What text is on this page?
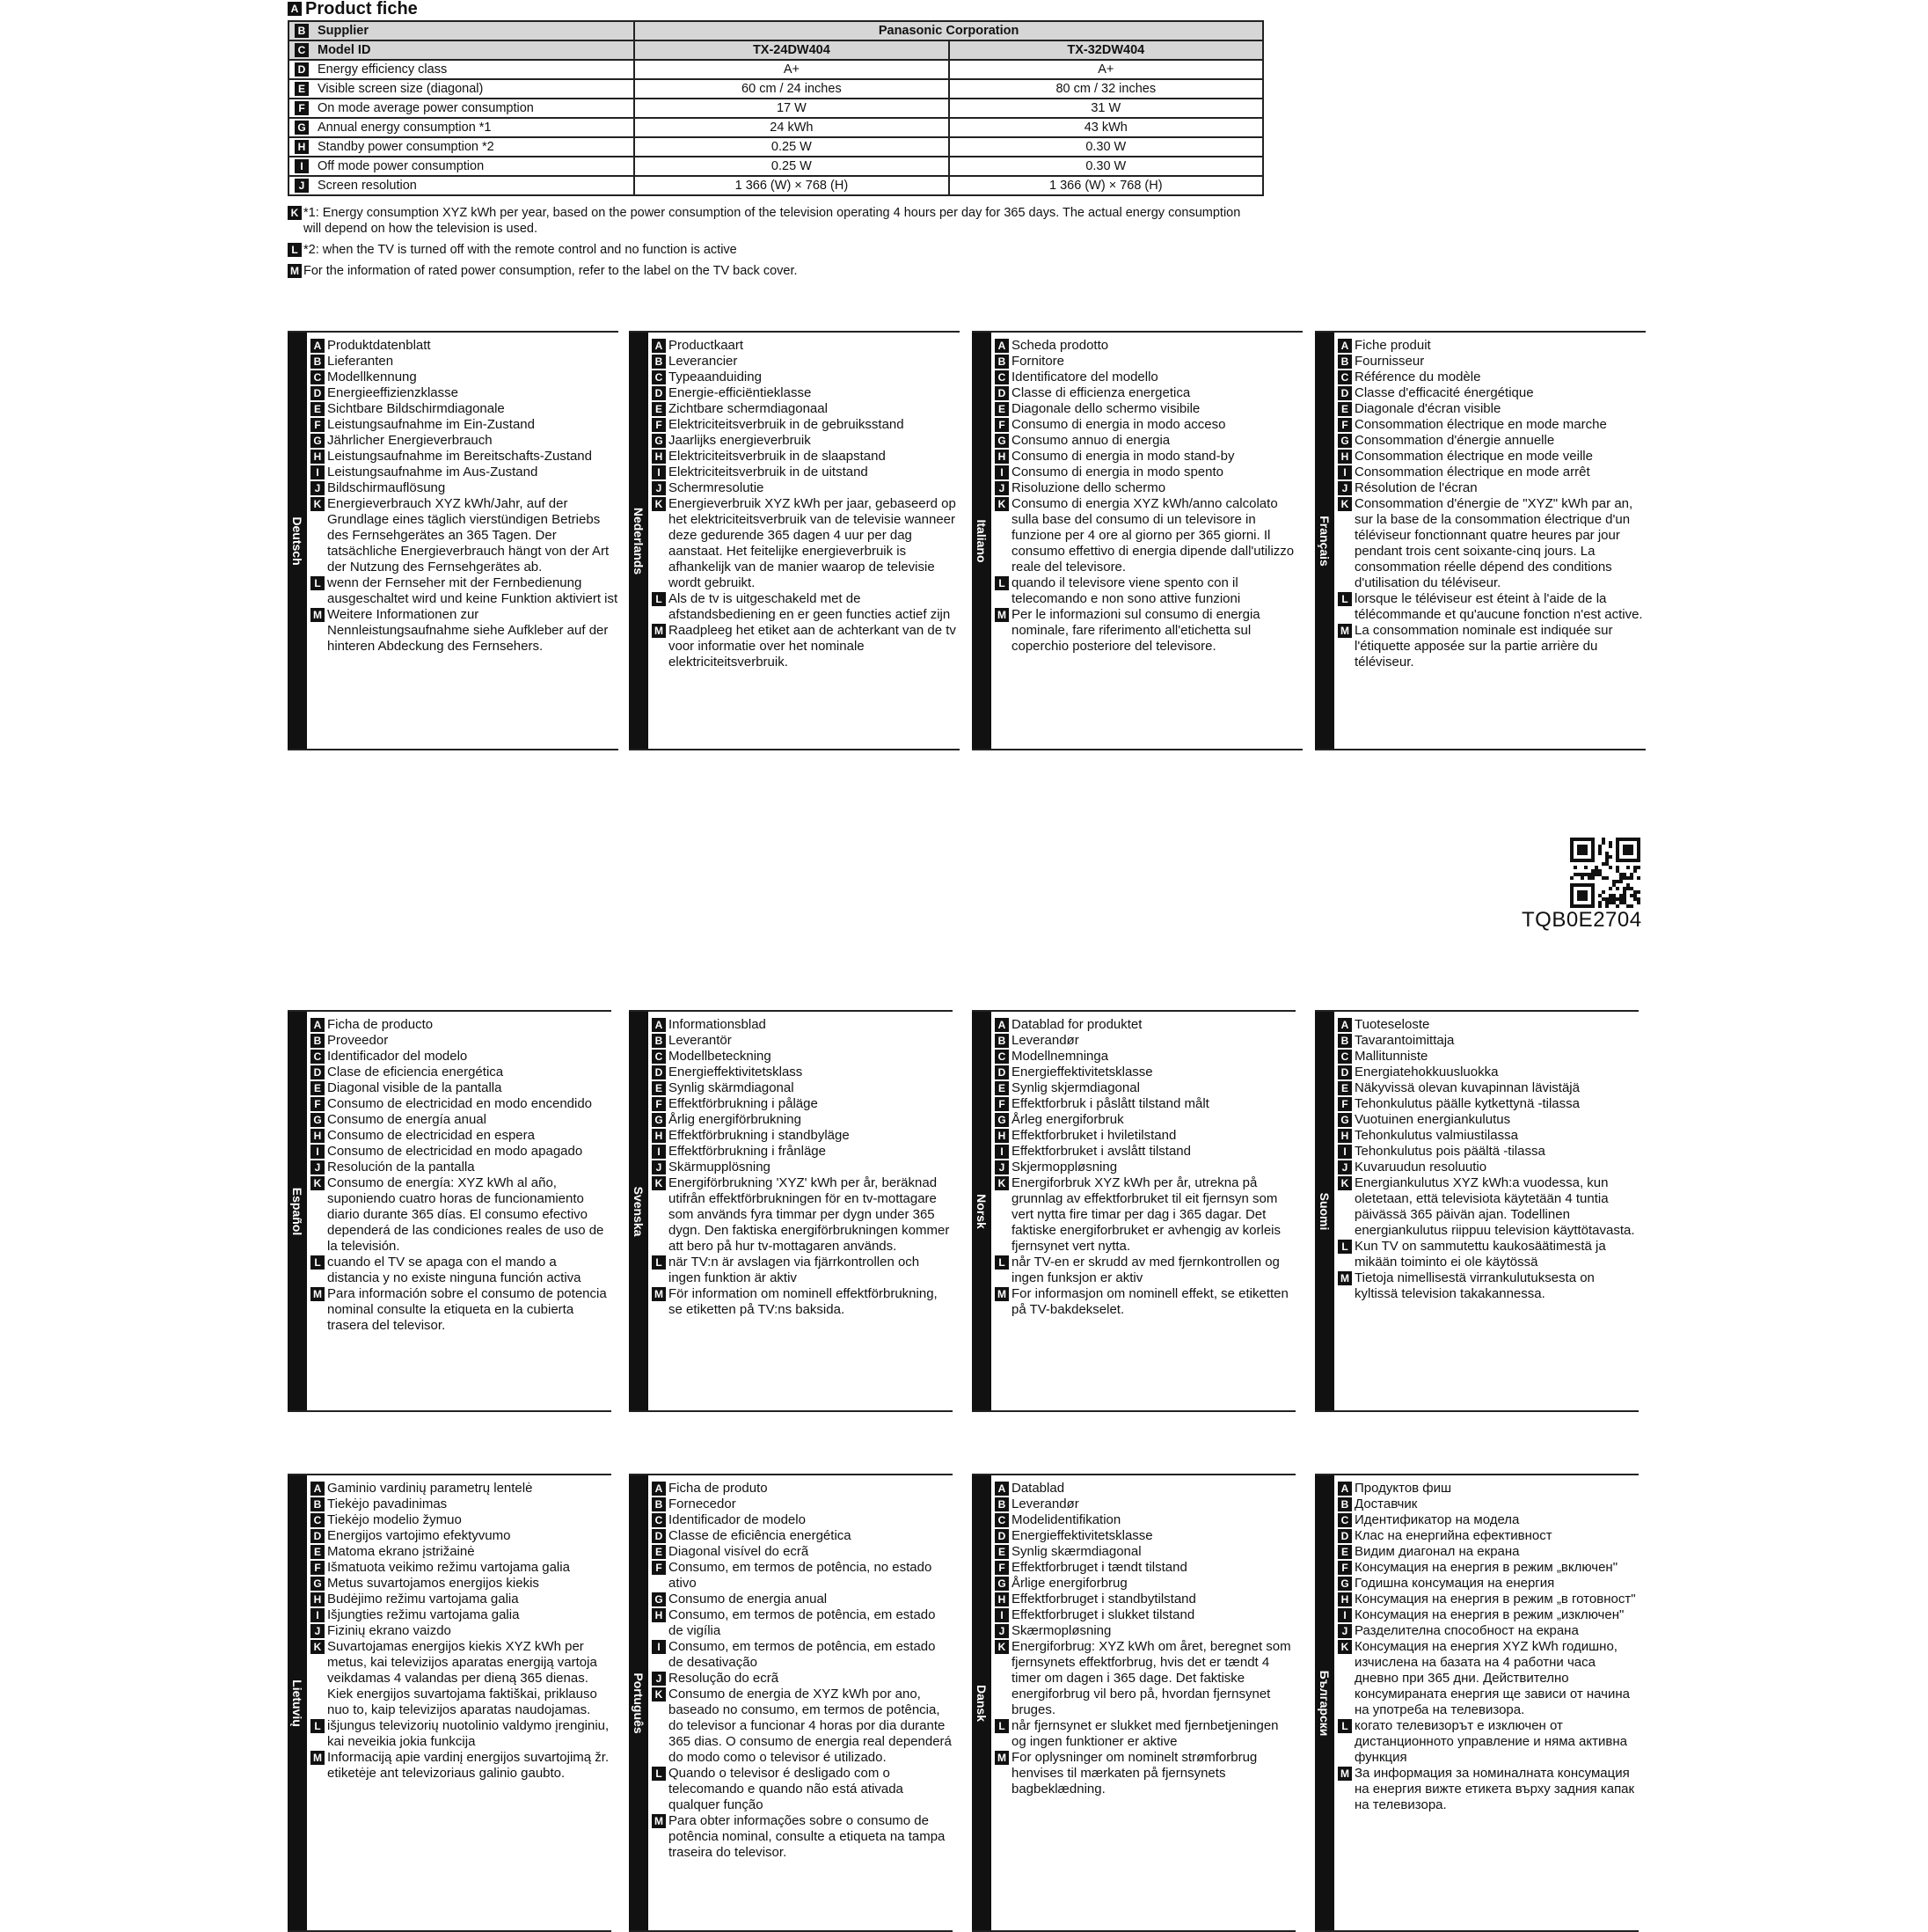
A Product fiche
B Supplier	Panasonic Corporation	
C Model ID	TX-24DW404	TX-32DW404
D Energy efficiency class	A+	A+
E Visible screen size (diagonal)	60 cm / 24 inches	80 cm / 32 inches
F On mode average power consumption	17 W	31 W
G Annual energy consumption *1	24 kWh	43 kWh
H Standby power consumption *2	0.25 W	0.30 W
I Off mode power consumption	0.25 W	0.30 W
J Screen resolution	1 366 (W) × 768 (H)	1 366 (W) × 768 (H)
K *1: Energy consumption XYZ kWh per year, based on the power consumption of the television operating 4 hours per day for 365 days. The actual energy consumption will depend on how the television is used.
L *2: when the TV is turned off with the remote control and no function is active
M For the information of rated power consumption, refer to the label on the TV back cover.
Deutsch
A Produktdatenblatt
B Lieferanten
C Modellkennung
D Energieeffizienzklasse
E Sichtbare Bildschirmdiagonale
F Leistungsaufnahme im Ein-Zustand
G Jährlicher Energieverbrauch
H Leistungsaufnahme im Bereitschafts-Zustand
I Leistungsaufnahme im Aus-Zustand
J Bildschirmauflösung
K Energieverbrauch XYZ kWh/Jahr, auf der Grundlage eines täglich vierstündigen Betriebs des Fernsehgerätes an 365 Tagen. Der tatsächliche Energieverbrauch hängt von der Art der Nutzung des Fernsehgerätes ab.
L wenn der Fernseher mit der Fernbedienung ausgeschaltet wird und keine Funktion aktiviert ist
M Weitere Informationen zur Nennleistungsaufnahme siehe Aufkleber auf der hinteren Abdeckung des Fernsehers.
Nederlands
A Productkaart
B Leverancier
C Typeaanduiding
D Energie-efficiëntieklasse
E Zichtbare schermdiagonaal
F Elektriciteitsverbruik in de gebruiksstand
G Jaarlijks energieverbruik
H Elektriciteitsverbruik in de slaapstand
I Elektriciteitsverbruik in de uitstand
J Schermresolutie
K Energieverbruik XYZ kWh per jaar, gebaseerd op het elektriciteitsverbruik van de televisie wanneer deze gedurende 365 dagen 4 uur per dag aanstaat. Het feitelijke energieverbruik is afhankelijk van de manier waarop de televisie wordt gebruikt.
L Als de tv is uitgeschakeld met de afstandsbediening en er geen functies actief zijn
M Raadpleeg het etiket aan de achterkant van de tv voor informatie over het nominale elektriciteitsverbruik.
Italiano
A Scheda prodotto
B Fornitore
C Identificatore del modello
D Classe di efficienza energetica
E Diagonale dello schermo visibile
F Consumo di energia in modo acceso
G Consumo annuo di energia
H Consumo di energia in modo stand-by
I Consumo di energia in modo spento
J Risoluzione dello schermo
K Consumo di energia XYZ kWh/anno calcolato sulla base del consumo di un televisore in funzione per 4 ore al giorno per 365 giorni. Il consumo effettivo di energia dipende dall'utilizzo reale del televisore.
L quando il televisore viene spento con il telecomando e non sono attive funzioni
M Per le informazioni sul consumo di energia nominale, fare riferimento all'etichetta sul coperchio posteriore del televisore.
Français
A Fiche produit
B Fournisseur
C Référence du modèle
D Classe d'efficacité énergétique
E Diagonale d'écran visible
F Consommation électrique en mode marche
G Consommation d'énergie annuelle
H Consommation électrique en mode veille
I Consommation électrique en mode arrêt
J Résolution de l'écran
K Consommation d'énergie de "XYZ" kWh par an, sur la base de la consommation électrique d'un téléviseur fonctionnant quatre heures par jour pendant trois cent soixante-cinq jours. La consommation réelle dépend des conditions d'utilisation du téléviseur.
L lorsque le téléviseur est éteint à l'aide de la télécommande et qu'aucune fonction n'est active.
M La consommation nominale est indiquée sur l'étiquette apposée sur la partie arrière du téléviseur.
Español
A Ficha de producto
B Proveedor
C Identificador del modelo
D Clase de eficiencia energética
E Diagonal visible de la pantalla
F Consumo de electricidad en modo encendido
G Consumo de energía anual
H Consumo de electricidad en espera
I Consumo de electricidad en modo apagado
J Resolución de la pantalla
K Consumo de energía: XYZ kWh al año, suponiendo cuatro horas de funcionamiento diario durante 365 días. El consumo efectivo dependerá de las condiciones reales de uso de la televisión.
L cuando el TV se apaga con el mando a distancia y no existe ninguna función activa
M Para información sobre el consumo de potencia nominal consulte la etiqueta en la cubierta trasera del televisor.
Svenska
A Informationsblad
B Leverantör
C Modellbeteckning
D Energieffektivitetsklass
E Synlig skärmdiagonal
F Effektförbrukning i påläge
G Årlig energiförbrukning
H Effektförbrukning i standbyläge
I Effektförbrukning i frånläge
J Skärmupplösning
K Energiförbrukning 'XYZ' kWh per år, beräknad utifrån effektförbrukningen för en tv-mottagare som används fyra timmar per dygn under 365 dygn. Den faktiska energiförbrukningen kommer att bero på hur tv-mottagaren används.
L när TV:n är avslagen via fjärrkontrollen och ingen funktion är aktiv
M För information om nominell effektförbrukning, se etiketten på TV:ns baksida.
Norsk
A Datablad for produktet
B Leverandør
C Modellnemninga
D Energieffektivitetsklasse
E Synlig skjermdiagonal
F Effektforbruk i påslått tilstand målt
G Årleg energiforbruk
H Effektforbruket i hviletilstand
I Effektforbruket i avslått tilstand
J Skjermoppløsning
K Energiforbruk XYZ kWh per år, utrekna på grunnlag av effektforbruket til eit fjernsyn som vert nytta fire timar per dag i 365 dagar. Det faktiske energiforbruket er avhengig av korleis fjernsynet vert nytta.
L når TV-en er skrudd av med fjernkontrollen og ingen funksjon er aktiv
M For informasjon om nominell effekt, se etiketten på TV-bakdekselet.
Suomi
A Tuoteseloste
B Tavarantoimittaja
C Mallitunniste
D Energiatehokkuusluokka
E Näkyvissä olevan kuvapinnan lävistäjä
F Tehonkulutus päälle kytkettynä -tilassa
G Vuotuinen energiankulutus
H Tehonkulutus valmiustilassa
I Tehonkulutus pois päältä -tilassa
J Kuvaruudun resoluutio
K Energiankulutus XYZ kWh:a vuodessa, kun oletetaan, että televisiota käytetään 4 tuntia päivässä 365 päivän ajan. Todellinen energiankulutus riippuu television käyttötavasta.
L Kun TV on sammutettu kaukosäätimestä ja mikään toiminto ei ole käytössä
M Tietoja nimellisestä virrankulutuksesta on kyltissä television takakannessa.
Lietuvių
A Gaminio vardinių parametrų lentelė
B Tiekėjo pavadinimas
C Tiekėjo modelio žymuo
D Energijos vartojimo efektyvumo
E Matoma ekrano įstrižainė
F Išmatuota veikimo režimu vartojama galia
G Metus suvartojamos energijos kiekis
H Budėjimo režimu vartojama galia
I Išjungties režimu vartojama galia
J Fizinių ekrano vaizdo
K Suvartojamas energijos kiekis XYZ kWh per metus, kai televizijos aparatas energiją vartoja veikdamas 4 valandas per dieną 365 dienas. Kiek energijos suvartojama faktiškai, priklauso nuo to, kaip televizijos aparatas naudojamas.
L išjungus televizorių nuotolinio valdymo įrenginiu, kai neveikia jokia funkcija
M Informaciją apie vardinį energijos suvartojimą žr. etiketėje ant televizoriaus galinio gaubto.
Português
A Ficha de produto
B Fornecedor
C Identificador de modelo
D Classe de eficiência energética
E Diagonal visível do ecrã
F Consumo, em termos de potência, no estado ativo
G Consumo de energia anual
H Consumo, em termos de potência, em estado de vigília
I Consumo, em termos de potência, em estado de desativação
J Resolução do ecrã
K Consumo de energia de XYZ kWh por ano, baseado no consumo, em termos de potência, do televisor a funcionar 4 horas por dia durante 365 dias. O consumo de energia real dependerá do modo como o televisor é utilizado.
L Quando o televisor é desligado com o telecomando e quando não está ativada qualquer função
M Para obter informações sobre o consumo de potência nominal, consulte a etiqueta na tampa traseira do televisor.
Dansk
A Datablad
B Leverandør
C Modelidentifikation
D Energieffektivitetsklasse
E Synlig skærmdiagonal
F Effektforbruget i tændt tilstand
G Årlige energiforbrug
H Effektforbruget i standbytilstand
I Effektforbruget i slukket tilstand
J Skærmopløsning
K Energiforbrug: XYZ kWh om året, beregnet som fjernsynets effektforbrug, hvis det er tændt 4 timer om dagen i 365 dage. Det faktiske energiforbrug vil bero på, hvordan fjernsynet bruges.
L når fjernsynet er slukket med fjernbetjeningen og ingen funktioner er aktive
M For oplysninger om nominelt strømforbrug henvises til mærkaten på fjernsynets bagbeklædning.
Български
A Продуктов фиш
B Доставчик
C Идентификатор на модела
D Клас на енергийна ефективност
E Видим диагонал на екрана
F Консумация на енергия в режим „включен"
G Годишна консумация на енергия
H Консумация на енергия в режим „в готовност"
I Консумация на енергия в режим „изключен"
J Разделителна способност на екрана
K Консумация на енергия XYZ kWh годишно, изчислена на базата на 4 работни часа дневно при 365 дни. Действително консумираната енергия ще зависи от начина на употреба на телевизора.
L когато телевизорът е изключен от дистанционното управление и няма активна функция
M За информация за номиналната консумация на енергия вижте етикета върху задния капак на телевизора.
TQB0E2704
